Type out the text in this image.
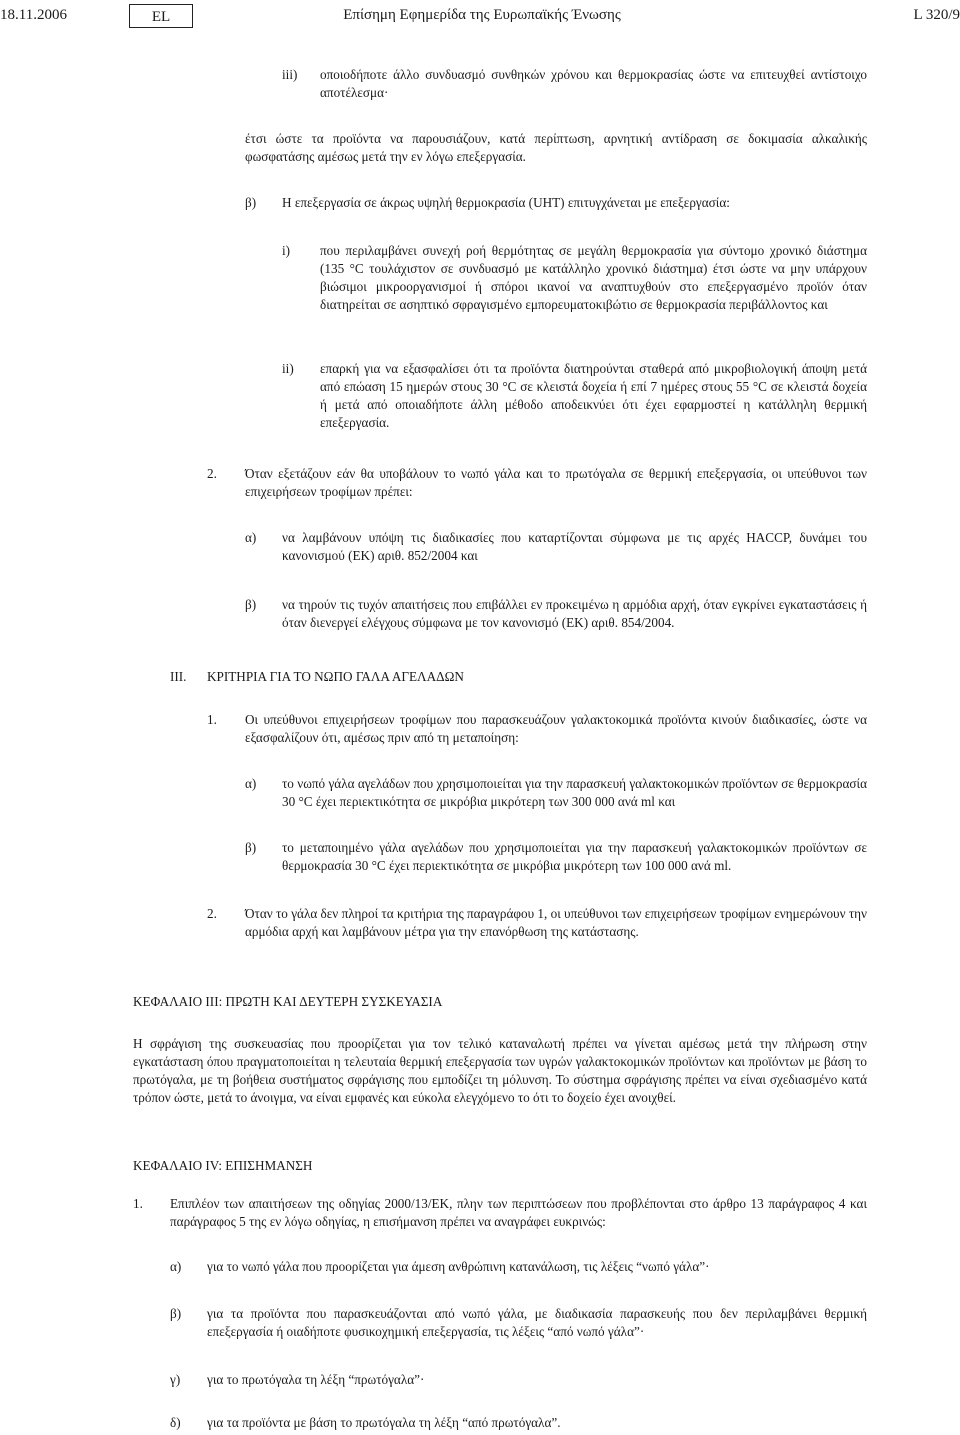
18.11.2006	EL	Επίσημη Εφημερίδα της Ευρωπαϊκής Ένωσης	L 320/9
iii) οποιοδήποτε άλλο συνδυασμό συνθηκών χρόνου και θερμοκρασίας ώστε να επιτευχθεί αντίστοιχο αποτέλεσμα·

έτσι ώστε τα προϊόντα να παρουσιάζουν, κατά περίπτωση, αρνητική αντίδραση σε δοκιμασία αλκαλικής φωσφατάσης αμέσως μετά την εν λόγω επεξεργασία.

β) Η επεξεργασία σε άκρως υψηλή θερμοκρασία (UHT) επιτυγχάνεται με επεξεργασία:

i) που περιλαμβάνει συνεχή ροή θερμότητας σε μεγάλη θερμοκρασία για σύντομο χρονικό διάστημα (135 °C τουλάχιστον σε συνδυασμό με κατάλληλο χρονικό διάστημα) έτσι ώστε να μην υπάρχουν βιώσιμοι μικροοργανισμοί ή σπόροι ικανοί να αναπτυχθούν στο επεξεργασμένο προϊόν όταν διατηρείται σε ασηπτικό σφραγισμένο εμπορευματοκιβώτιο σε θερμοκρασία περιβάλλοντος και

ii) επαρκή για να εξασφαλίσει ότι τα προϊόντα διατηρούνται σταθερά από μικροβιολογική άποψη μετά από επώαση 15 ημερών στους 30 °C σε κλειστά δοχεία ή επί 7 ημέρες στους 55 °C σε κλειστά δοχεία ή μετά από οποιαδήποτε άλλη μέθοδο αποδεικνύει ότι έχει εφαρμοστεί η κατάλληλη θερμική επεξεργασία.

2. Όταν εξετάζουν εάν θα υποβάλουν το νωπό γάλα και το πρωτόγαλα σε θερμική επεξεργασία, οι υπεύθυνοι των επιχειρήσεων τροφίμων πρέπει:

α) να λαμβάνουν υπόψη τις διαδικασίες που καταρτίζονται σύμφωνα με τις αρχές HACCP, δυνάμει του κανονισμού (ΕΚ) αριθ. 852/2004 και

β) να τηρούν τις τυχόν απαιτήσεις που επιβάλλει εν προκειμένω η αρμόδια αρχή, όταν εγκρίνει εγκαταστάσεις ή όταν διενεργεί ελέγχους σύμφωνα με τον κανονισμό (ΕΚ) αριθ. 854/2004.

III. ΚΡΙΤΗΡΙΑ ΓΙΑ ΤΟ ΝΩΠΟ ΓΑΛΑ ΑΓΕΛΑΔΩΝ
1. Οι υπεύθυνοι επιχειρήσεων τροφίμων που παρασκευάζουν γαλακτοκομικά προϊόντα κινούν διαδικασίες, ώστε να εξασφαλίζουν ότι, αμέσως πριν από τη μεταποίηση:

α) το νωπό γάλα αγελάδων που χρησιμοποιείται για την παρασκευή γαλακτοκομικών προϊόντων σε θερμοκρασία 30 °C έχει περιεκτικότητα σε μικρόβια μικρότερη των 300 000 ανά ml και

β) το μεταποιημένο γάλα αγελάδων που χρησιμοποιείται για την παρασκευή γαλακτοκομικών προϊόντων σε θερμοκρασία 30 °C έχει περιεκτικότητα σε μικρόβια μικρότερη των 100 000 ανά ml.

2. Όταν το γάλα δεν πληροί τα κριτήρια της παραγράφου 1, οι υπεύθυνοι των επιχειρήσεων τροφίμων ενημερώνουν την αρμόδια αρχή και λαμβάνουν μέτρα για την επανόρθωση της κατάστασης.

ΚΕΦΑΛΑΙΟ III: ΠΡΩΤΗ ΚΑΙ ΔΕΥΤΕΡΗ ΣΥΣΚΕΥΑΣΙΑ

Η σφράγιση της συσκευασίας που προορίζεται για τον τελικό καταναλωτή πρέπει να γίνεται αμέσως μετά την πλήρωση στην εγκατάσταση όπου πραγματοποιείται η τελευταία θερμική επεξεργασία των υγρών γαλακτοκομικών προϊόντων και προϊόντων με βάση το πρωτόγαλα, με τη βοήθεια συστήματος σφράγισης που εμποδίζει τη μόλυνση. Το σύστημα σφράγισης πρέπει να είναι σχεδιασμένο κατά τρόπον ώστε, μετά το άνοιγμα, να είναι εμφανές και εύκολα ελεγχόμενο το ότι το δοχείο έχει ανοιχθεί.

ΚΕΦΑΛΑΙΟ IV: ΕΠΙΣΗΜΑΝΣΗ
1. Επιπλέον των απαιτήσεων της οδηγίας 2000/13/ΕΚ, πλην των περιπτώσεων που προβλέπονται στο άρθρο 13 παράγραφος 4 και παράγραφος 5 της εν λόγω οδηγίας, η επισήμανση πρέπει να αναγράφει ευκρινώς:

α) για το νωπό γάλα που προορίζεται για άμεση ανθρώπινη κατανάλωση, τις λέξεις “νωπό γάλα”·

β) για τα προϊόντα που παρασκευάζονται από νωπό γάλα, με διαδικασία παρασκευής που δεν περιλαμβάνει θερμική επεξεργασία ή οιαδήποτε φυσικοχημική επεξεργασία, τις λέξεις “από νωπό γάλα”·

γ) για το πρωτόγαλα τη λέξη “πρωτόγαλα”·

δ) για τα προϊόντα με βάση το πρωτόγαλα τη λέξη “από πρωτόγαλα”.
